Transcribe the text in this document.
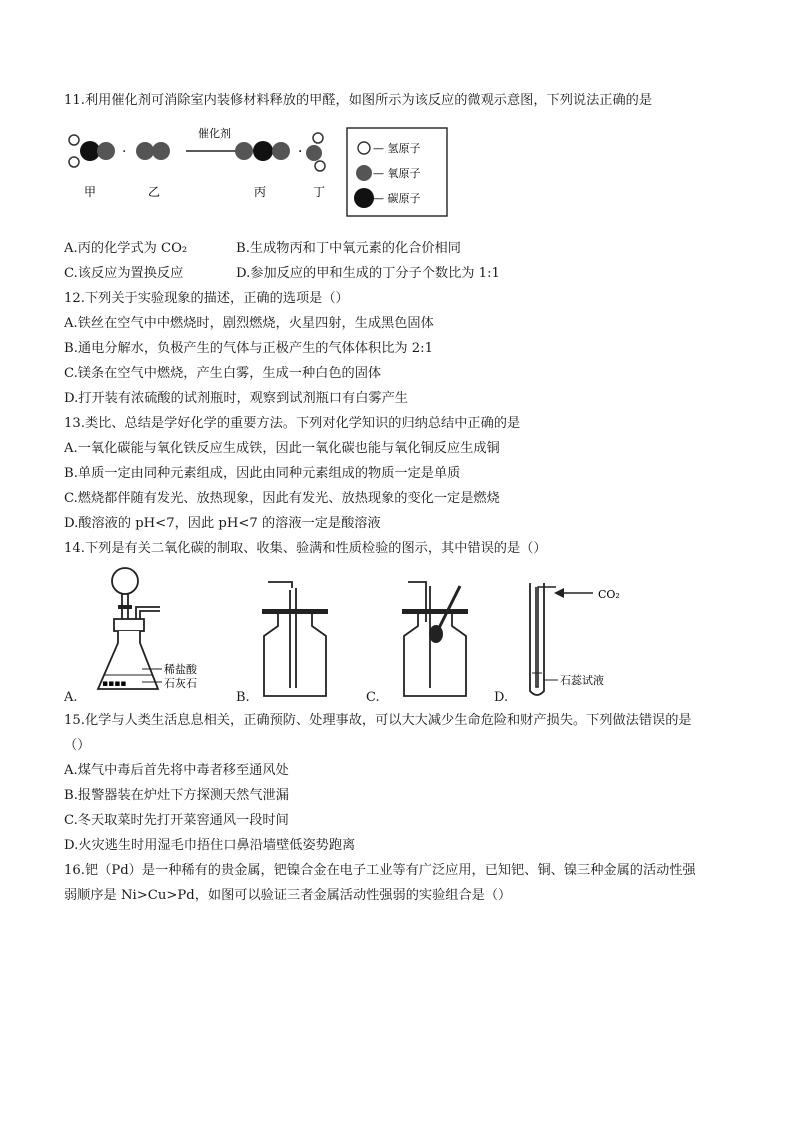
11.利用催化剂可消除室内装修材料释放的甲醛，如图所示为该反应的微观示意图，下列说法正确的是
·
催化剂
·
甲	乙	丙	丁
— 氢原子
— 氧原子
— 碳原子
A.丙的化学式为 CO₂	B.生成物丙和丁中氧元素的化合价相同
C.该反应为置换反应	D.参加反应的甲和生成的丁分子个数比为 1:1
12.下列关于实验现象的描述，正确的选项是（）
A.铁丝在空气中中燃烧时，剧烈燃烧，火星四射，生成黑色固体
B.通电分解水，负极产生的气体与正极产生的气体体积比为 2:1
C.镁条在空气中燃烧，产生白雾，生成一种白色的固体
D.打开装有浓硫酸的试剂瓶时，观察到试剂瓶口有白雾产生
13.类比、总结是学好化学的重要方法。下列对化学知识的归纳总结中正确的是
A.一氧化碳能与氧化铁反应生成铁，因此一氧化碳也能与氧化铜反应生成铜
B.单质一定由同种元素组成，因此由同种元素组成的物质一定是单质
C.燃烧都伴随有发光、放热现象，因此有发光、放热现象的变化一定是燃烧
D.酸溶液的 pH<7，因此 pH<7 的溶液一定是酸溶液
14.下列是有关二氧化碳的制取、收集、验满和性质检验的图示，其中错误的是（）
▪▪▪▪
稀盐酸
石灰石
A.	B.	C.
CO₂
石蕊试液
D.
15.化学与人类生活息息相关，正确预防、处理事故，可以大大减少生命危险和财产损失。下列做法错误的是
（）
A.煤气中毒后首先将中毒者移至通风处
B.报警器装在炉灶下方探测天然气泄漏
C.冬天取菜时先打开菜窖通风一段时间
D.火灾逃生时用湿毛巾捂住口鼻沿墙壁低姿势跑离
16.钯（Pd）是一种稀有的贵金属，钯镍合金在电子工业等有广泛应用，已知钯、铜、镍三种金属的活动性强
弱顺序是 Ni>Cu>Pd，如图可以验证三者金属活动性强弱的实验组合是（）
